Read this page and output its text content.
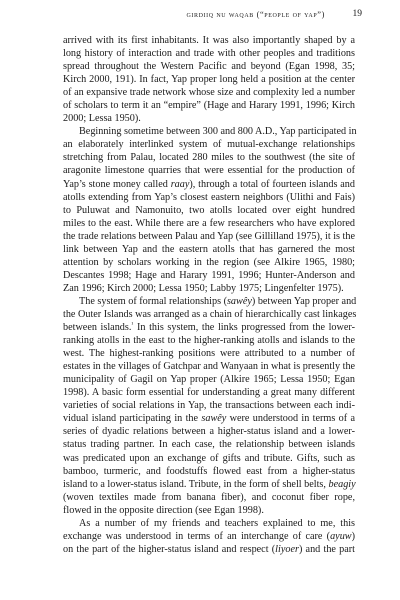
girdiiq nu waqab (“people of yap”)	19
arrived with its first inhabitants. It was also importantly shaped by a
long history of interaction and trade with other peoples and traditions
spread throughout the Western Pacific and beyond (Egan 1998, 35;
Kirch 2000, 191). In fact, Yap proper long held a position at the center
of an expansive trade network whose size and complexity led a number
of scholars to term it an “empire” (Hage and Harary 1991, 1996; Kirch
2000; Lessa 1950).
Beginning sometime between 300 and 800 A.D., Yap participated in
an elaborately interlinked system of mutual-exchange relationships
stretching from Palau, located 280 miles to the southwest (the site of
aragonite limestone quarries that were essential for the production of
Yap’s stone money called raay), through a total of fourteen islands and
atolls extending from Yap’s closest eastern neighbors (Ulithi and Fais)
to Puluwat and Namonuito, two atolls located over eight hundred
miles to the east. While there are a few researchers who have explored
the trade relations between Palau and Yap (see Gillilland 1975), it is the
link between Yap and the eastern atolls that has garnered the most
attention by scholars working in the region (see Alkire 1965, 1980;
Descantes 1998; Hage and Harary 1991, 1996; Hunter-Anderson and
Zan 1996; Kirch 2000; Lessa 1950; Labby 1975; Lingenfelter 1975).
The system of formal relationships (sawêy) between Yap proper and
the Outer Islands was arranged as a chain of hierarchically cast linkages
between islands.$^{^1}$ In this system, the links progressed from the lower-
ranking atolls in the east to the higher-ranking atolls and islands to the
west. The highest-ranking positions were attributed to a number of
estates in the villages of Gatchpar and Wanyaan in what is presently the
municipality of Gagil on Yap proper (Alkire 1965; Lessa 1950; Egan
1998). A basic form essential for understanding a great many different
varieties of social relations in Yap, the transactions between each indi-
vidual island participating in the sawêy were understood in terms of a
series of dyadic relations between a higher-status island and a lower-
status trading partner. In each case, the relationship between islands
was predicated upon an exchange of gifts and tribute. Gifts, such as
bamboo, turmeric, and foodstuffs flowed east from a higher-status
island to a lower-status island. Tribute, in the form of shell belts, beagiy
(woven textiles made from banana fiber), and coconut fiber rope,
flowed in the opposite direction (see Egan 1998).
As a number of my friends and teachers explained to me, this
exchange was understood in terms of an interchange of care (ayuw)
on the part of the higher-status island and respect (liyoer) and the part
